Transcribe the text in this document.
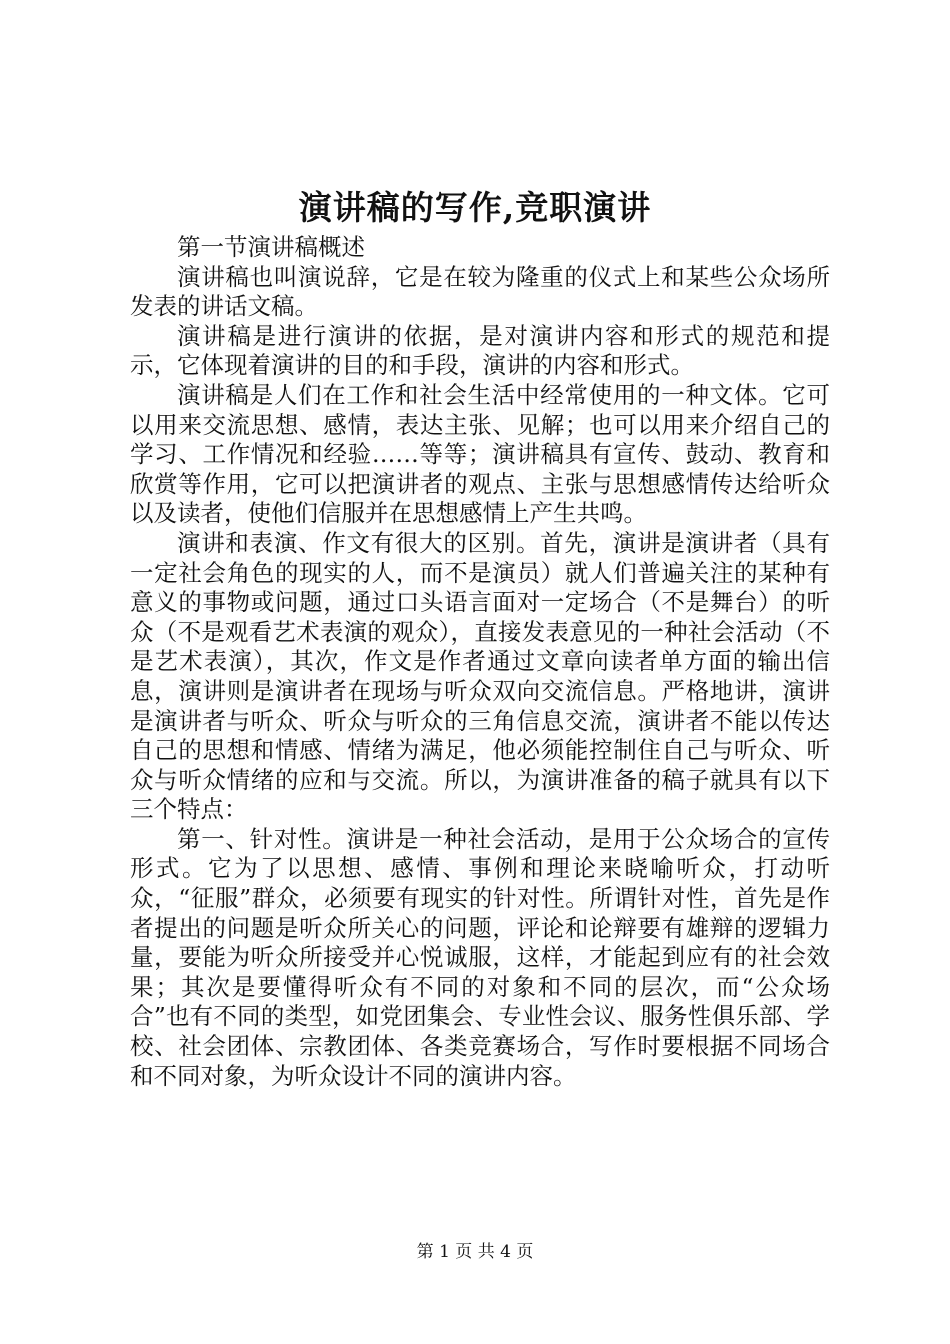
演讲稿的写作,竞职演讲

第一节演讲稿概述

演讲稿也叫演说辞，它是在较为隆重的仪式上和某些公众场所发表的讲话文稿。

演讲稿是进行演讲的依据，是对演讲内容和形式的规范和提示，它体现着演讲的目的和手段，演讲的内容和形式。

演讲稿是人们在工作和社会生活中经常使用的一种文体。它可以用来交流思想、感情，表达主张、见解；也可以用来介绍自己的学习、工作情况和经验……等等；演讲稿具有宣传、鼓动、教育和欣赏等作用，它可以把演讲者的观点、主张与思想感情传达给听众以及读者，使他们信服并在思想感情上产生共鸣。

演讲和表演、作文有很大的区别。首先，演讲是演讲者（具有一定社会角色的现实的人，而不是演员）就人们普遍关注的某种有意义的事物或问题，通过口头语言面对一定场合（不是舞台）的听众（不是观看艺术表演的观众），直接发表意见的一种社会活动（不是艺术表演），其次，作文是作者通过文章向读者单方面的输出信息，演讲则是演讲者在现场与听众双向交流信息。严格地讲，演讲是演讲者与听众、听众与听众的三角信息交流，演讲者不能以传达自己的思想和情感、情绪为满足，他必须能控制住自己与听众、听众与听众情绪的应和与交流。所以，为演讲准备的稿子就具有以下三个特点：

第一、针对性。演讲是一种社会活动，是用于公众场合的宣传形式。它为了以思想、感情、事例和理论来晓喻听众，打动听众，“征服”群众，必须要有现实的针对性。所谓针对性，首先是作者提出的问题是听众所关心的问题，评论和论辩要有雄辩的逻辑力量，要能为听众所接受并心悦诚服，这样，才能起到应有的社会效果；其次是要懂得听众有不同的对象和不同的层次，而“公众场合”也有不同的类型，如党团集会、专业性会议、服务性俱乐部、学校、社会团体、宗教团体、各类竞赛场合，写作时要根据不同场合和不同对象，为听众设计不同的演讲内容。

第 1 页 共 4 页
